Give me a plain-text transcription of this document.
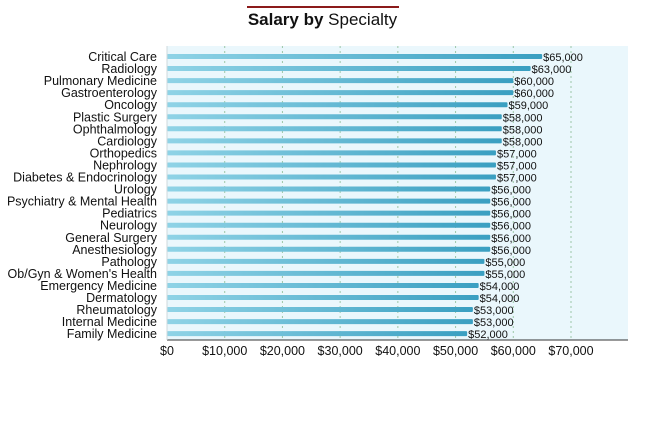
Salary by Specialty
Critical Care	$65,000
Radiology	$63,000
Pulmonary Medicine	$60,000
Gastroenterology	$60,000
Oncology	$59,000
Plastic Surgery	$58,000
Ophthalmology	$58,000
Cardiology	$58,000
Orthopedics	$57,000
Nephrology	$57,000
Diabetes & Endocrinology	$57,000
Urology	$56,000
Psychiatry & Mental Health	$56,000
Pediatrics	$56,000
Neurology	$56,000
General Surgery	$56,000
Anesthesiology	$56,000
Pathology	$55,000
Ob/Gyn & Women's Health	$55,000
Emergency Medicine	$54,000
Dermatology	$54,000
Rheumatology	$53,000
Internal Medicine	$53,000
Family Medicine	$52,000
$0 $10,000 $20,000 $30,000 $40,000 $50,000 $60,000 $70,000
